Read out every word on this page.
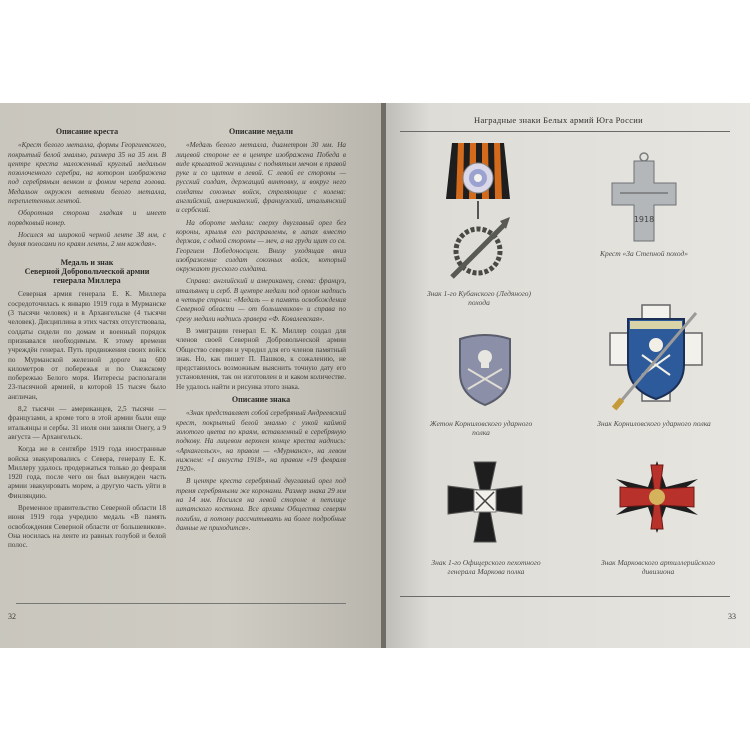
Описание креста

«Крест белого металла, формы Георгиевского, покрытый белой эмалью, размера 35 на 35 мм. В центре креста наложенный круглый медальон позолоченного серебра, на котором изображена под серебряным венком и фоном черепа голова. Медальон окружен ветвями белого металла, переплетенных лентой.

Оборотная сторона гладкая и имеет порядковый номер.

Носился на широкой черной ленте 38 мм, с двумя полосами по краям ленты, 2 мм каждая».

Медаль и знак
Северной Добровольческой армии
генерала Миллера

Северная армия генерала Е. К. Миллера сосредоточилась к январю 1919 года в Мурманске (3 тысячи человек) и в Архангельске (4 тысячи человек). Дисциплина в этих частях отсутствовала, солдаты сидели по домам и военный порядок признавался необходимым. К этому времени учреждён генерал. Путь продвижения своих войск по Мурманской железной дороге на 600 километров от побережья и по Онежскому побережью Белого моря. Интересы располагали 23-тысячной армией, в которой 15 тысяч было англичан,

8,2 тысячи — американцев, 2,5 тысячи — французами, а кроме того в этой армии были еще итальянцы и сербы. 31 июля они заняли Онегу, а 9 августа — Архангельск.

Когда же в сентябре 1919 года иностранные войска эвакуировались с Севера, генералу Е. К. Миллеру удалось продержаться только до февраля 1920 года, после чего он был вынужден часть армии эвакуировать морем, а другую часть уйти в Финляндию.

Временное правительство Северной области 18 июня 1919 года учредило медаль «В память освобождения Северной области от большевиков». Она носилась на ленте из равных голубой и белой полос.

Описание медали

«Медаль белого металла, диаметром 30 мм. На лицевой стороне ее в центре изображена Победа в виде крылатой женщины с поднятым мечом в правой руке и со щитом в левой. С левой ее стороны — русский солдат, держащий винтовку, и вокруг него солдаты союзных войск, стреляющие с колена: английский, американский, французский, итальянский и сербский.

На обороте медали: сверху двуглавый орел без короны, крылья его расправлены, в лапах вместо держав, с одной стороны — меч, а на груди щит со св. Георгием Победоносцем. Внизу уходящая вниз изображение солдат союзных войск, который окружают русского солдата.

Справа: английский и американец, слева: француз, итальянец и серб. В центре медали под орлом надпись в четыре строки: «Медаль — в память освобождения Северной области — от большевиков» и справа по срезу медали надпись гравера «Ф. Ковалевская».

В эмиграции генерал Е. К. Миллер создал для членов своей Северной Добровольческой армии Общество северян и учредил для его членов памятный знак. Но, как пишет П. Пашков, к сожалению, не представилось возможным выяснить точную дату его установления, так он изготовлен в и каком количестве. Не удалось найти и рисунка этого знака.

Описание знака

«Знак представляет собой серебряный Андреевский крест, покрытый белой эмалью с узкой каймой золотого цвета по краям, вставленный в серебряную подкову. На лицевом верхнем конце креста надпись: «Архангельск», на правом — «Мурманск», на левом нижнем: «1 августа 1918», на правом «19 февраля 1920».

В центре креста серебряный двуглавый орел под тремя серебряными же коронами. Размер знака 29 мм на 14 мм. Носился на левой стороне в петлице штатского костюма. Все архивы Общества северян погибли, а потому рассчитывать на более подробные данные не приходится».

32
Наградные знаки Белых армий Юга России
Знак 1-го Кубанского (Ледяного) похода
1918
Крест «За Степной поход»
Жетон Корниловского ударного полка
Знак Корниловского ударного полка
Знак 1-го Офицерского пехотного генерала Маркова полка
Знак Марковского артиллерийского дивизиона
33
